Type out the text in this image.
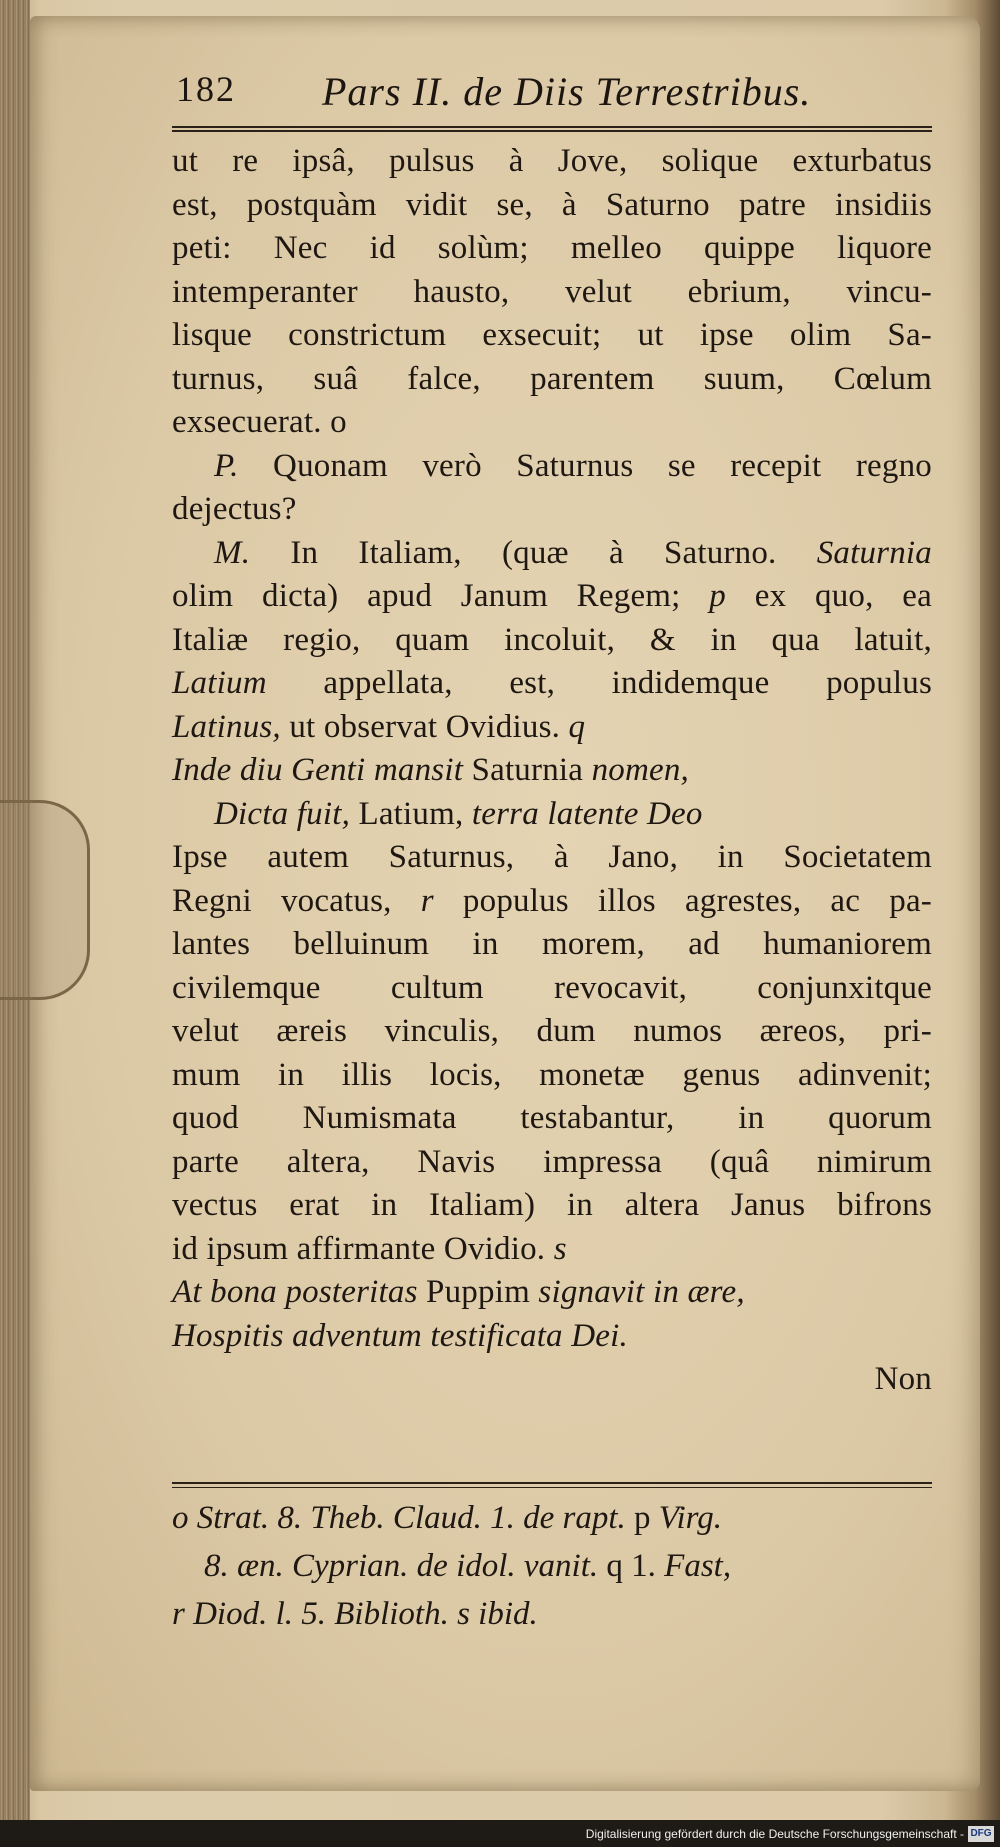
182 Pars II. de Diis Terrestribus.
ut re ipsâ, pulsus à Jove, solique exturbatus
est, postquàm vidit se, à Saturno patre insidiis
peti: Nec id solùm; melleo quippe liquore
intemperanter hausto, velut ebrium, vincu-
lisque constrictum exsecuit; ut ipse olim Sa-
turnus, suâ falce, parentem suum, Cœlum
exsecuerat. o
P. Quonam verò Saturnus se recepit regno
dejectus?
M. In Italiam, (quæ à Saturno. Saturnia
olim dicta) apud Janum Regem; p ex quo, ea
Italiæ regio, quam incoluit, & in qua latuit,
Latium appellata, est, indidemque populus
Latinus, ut observat Ovidius. q
Inde diu Genti mansit Saturnia nomen,
Dicta fuit, Latium, terra latente Deo
Ipse autem Saturnus, à Jano, in Societatem
Regni vocatus, r populus illos agrestes, ac pa-
lantes belluinum in morem, ad humaniorem
civilemque cultum revocavit, conjunxitque
velut æreis vinculis, dum numos æreos, pri-
mum in illis locis, monetæ genus adinvenit;
quod Numismata testabantur, in quorum
parte altera, Navis impressa (quâ nimirum
vectus erat in Italiam) in altera Janus bifrons
id ipsum affirmante Ovidio. s
At bona posteritas Puppim signavit in ære,
Hospitis adventum testificata Dei.
Non
o Strat. 8. Theb. Claud. 1. de rapt. p Virg.
8. æn. Cyprian. de idol. vanit. q 1. Fast,
r Diod. l. 5. Biblioth. s ibid.
Digitalisierung gefördert durch die Deutsche Forschungsgemeinschaft - DFG
